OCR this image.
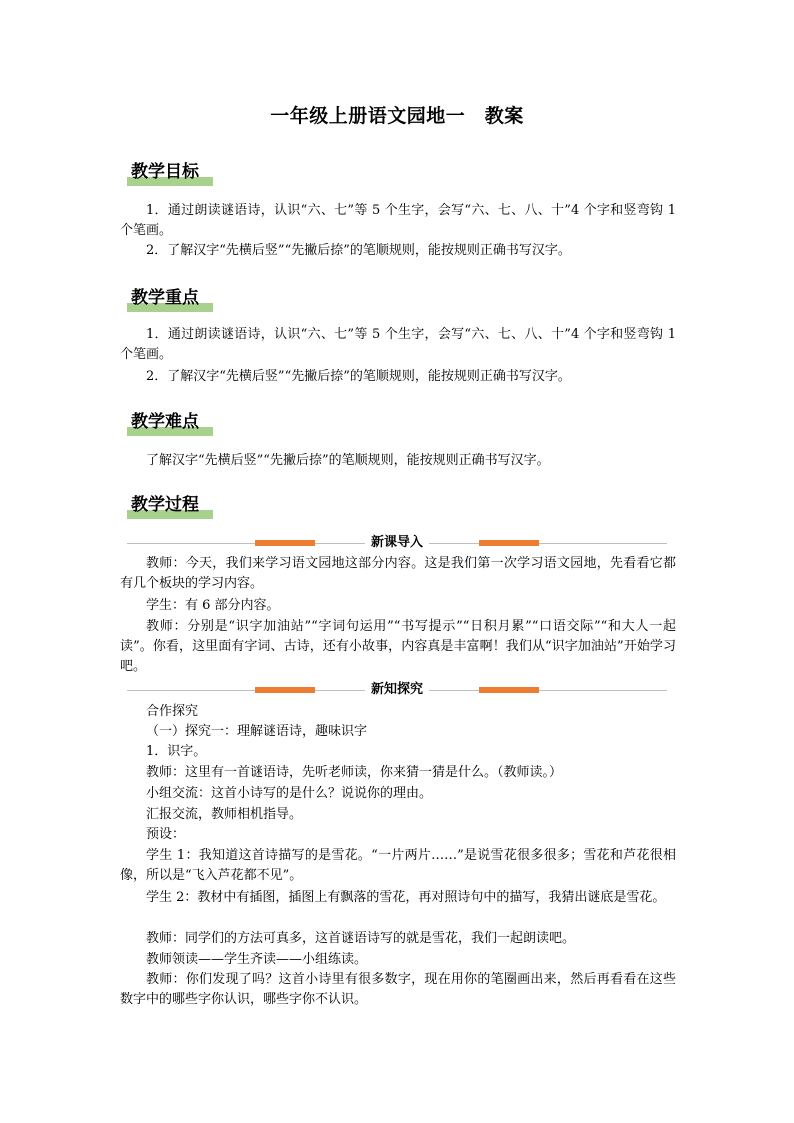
一年级上册语文园地一　教案
教学目标

1．通过朗读谜语诗，认识“六、七”等 5 个生字，会写“六、七、八、十”4 个字和竖弯钩 1 个笔画。

2．了解汉字“先横后竖”“先撇后捺”的笔顺规则，能按规则正确书写汉字。

教学重点

1．通过朗读谜语诗，认识“六、七”等 5 个生字，会写“六、七、八、十”4 个字和竖弯钩 1 个笔画。

2．了解汉字“先横后竖”“先撇后捺”的笔顺规则，能按规则正确书写汉字。

教学难点

了解汉字“先横后竖”“先撇后捺”的笔顺规则，能按规则正确书写汉字。

教学过程
新课导入

教师：今天，我们来学习语文园地这部分内容。这是我们第一次学习语文园地，先看看它都有几个板块的学习内容。

学生：有 6 部分内容。

教师：分别是“识字加油站”“字词句运用”“书写提示”“日积月累”“口语交际”“和大人一起读”。你看，这里面有字词、古诗，还有小故事，内容真是丰富啊！我们从“识字加油站”开始学习吧。

新知探究

合作探究

（一）探究一：理解谜语诗，趣味识字

1．识字。

教师：这里有一首谜语诗，先听老师读，你来猜一猜是什么。（教师读。）

小组交流：这首小诗写的是什么？说说你的理由。

汇报交流，教师相机指导。

预设：

学生 1：我知道这首诗描写的是雪花。“一片两片……”是说雪花很多很多；雪花和芦花很相像，所以是“飞入芦花都不见”。

学生 2：教材中有插图，插图上有飘落的雪花，再对照诗句中的描写，我猜出谜底是雪花。

教师：同学们的方法可真多，这首谜语诗写的就是雪花，我们一起朗读吧。

教师领读——学生齐读——小组练读。

教师：你们发现了吗？这首小诗里有很多数字，现在用你的笔圈画出来，然后再看看在这些数字中的哪些字你认识，哪些字你不认识。
